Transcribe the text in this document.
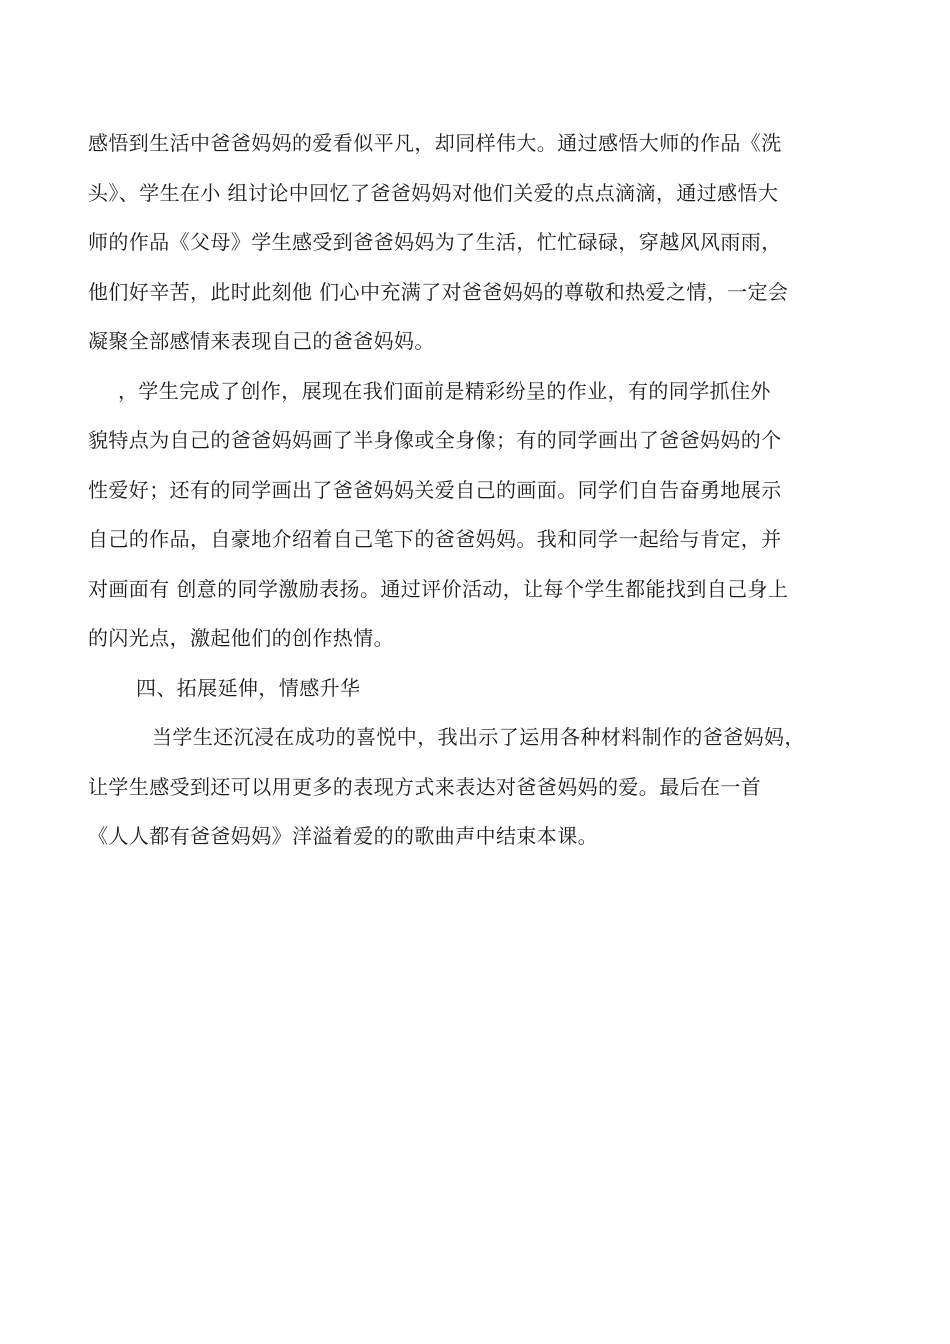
感悟到生活中爸爸妈妈的爱看似平凡，却同样伟大。通过感悟大师的作品《洗
头》、学生在小 组讨论中回忆了爸爸妈妈对他们关爱的点点滴滴，通过感悟大
师的作品《父母》学生感受到爸爸妈妈为了生活，忙忙碌碌，穿越风风雨雨，
他们好辛苦，此时此刻他 们心中充满了对爸爸妈妈的尊敬和热爱之情，一定会
凝聚全部感情来表现自己的爸爸妈妈。
，学生完成了创作，展现在我们面前是精彩纷呈的作业，有的同学抓住外
貌特点为自己的爸爸妈妈画了半身像或全身像；有的同学画出了爸爸妈妈的个
性爱好；还有的同学画出了爸爸妈妈关爱自己的画面。同学们自告奋勇地展示
自己的作品，自豪地介绍着自己笔下的爸爸妈妈。我和同学一起给与肯定，并
对画面有 创意的同学激励表扬。通过评价活动，让每个学生都能找到自己身上
的闪光点，激起他们的创作热情。
四、拓展延伸，情感升华
当学生还沉浸在成功的喜悦中，我出示了运用各种材料制作的爸爸妈妈，
让学生感受到还可以用更多的表现方式来表达对爸爸妈妈的爱。最后在一首
《人人都有爸爸妈妈》洋溢着爱的的歌曲声中结束本课。
